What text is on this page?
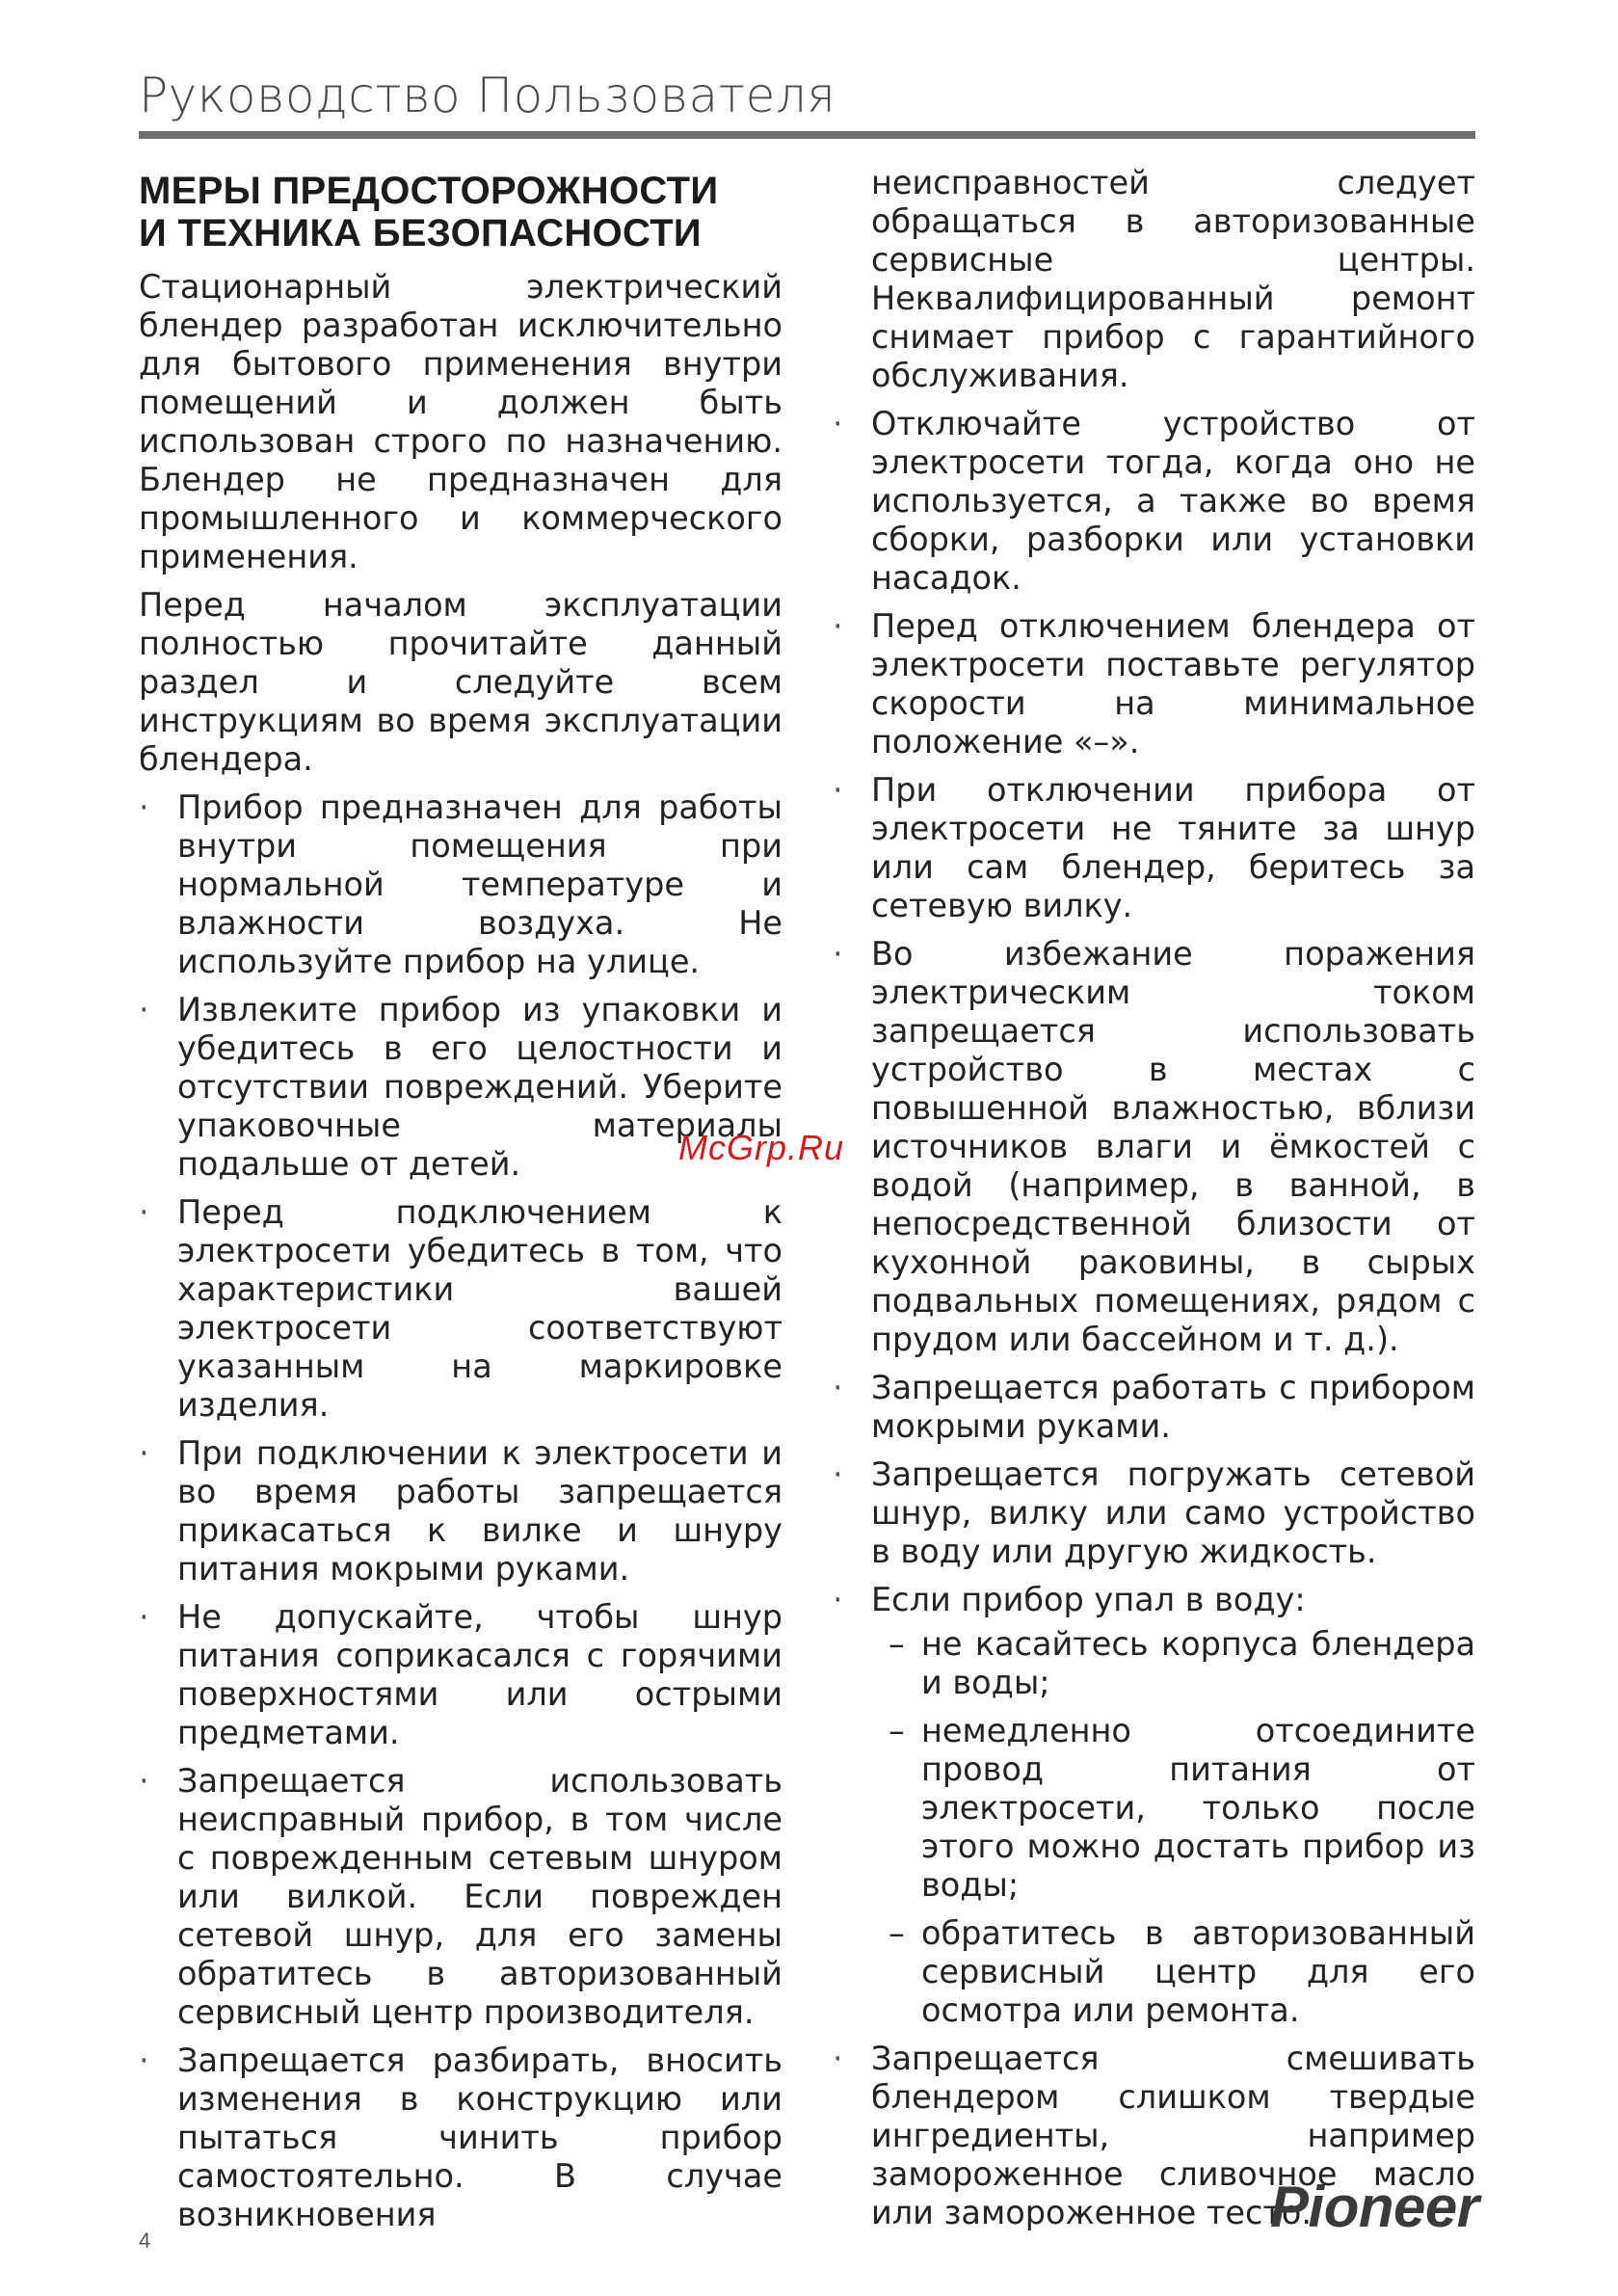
Руководство Пользователя
МЕРЫ ПРЕДОСТОРОЖНОСТИ
И ТЕХНИКА БЕЗОПАСНОСТИ

Стационарный электрический блендер разработан исключительно для бытового применения внутри помещений и должен быть использован строго по назначению. Блендер не предназначен для промышленного и коммерческого применения.

Перед началом эксплуатации полностью прочитайте данный раздел и следуйте всем инструкциям во время эксплуатации блендера.

· Прибор предназначен для работы внутри помещения при нормальной температуре и влажности воздуха. Не используйте прибор на улице.
· Извлеките прибор из упаковки и убедитесь в его целостности и отсутствии повреждений. Уберите упаковочные материалы подальше от детей.
· Перед подключением к электросети убедитесь в том, что характеристики вашей электросети соответствуют указанным на маркировке изделия.
· При подключении к электросети и во время работы запрещается прикасаться к вилке и шнуру питания мокрыми руками.
· Не допускайте, чтобы шнур питания соприкасался с горячими поверхностями или острыми предметами.
· Запрещается использовать неисправный прибор, в том числе с поврежденным сетевым шнуром или вилкой. Если поврежден сетевой шнур, для его замены обратитесь в авторизованный сервисный центр производителя.
· Запрещается разбирать, вносить изменения в конструкцию или пытаться чинить прибор самостоятельно. В случае возникновения

неисправностей следует обращаться в авторизованные сервисные центры. Неквалифицированный ремонт снимает прибор с гарантийного обслуживания.

· Отключайте устройство от электросети тогда, когда оно не используется, а также во время сборки, разборки или установки насадок.
· Перед отключением блендера от электросети поставьте регулятор скорости на минимальное положение «–».
· При отключении прибора от электросети не тяните за шнур или сам блендер, беритесь за сетевую вилку.
· Во избежание поражения электрическим током запрещается использовать устройство в местах с повышенной влажностью, вблизи источников влаги и ёмкостей с водой (например, в ванной, в непосредственной близости от кухонной раковины, в сырых подвальных помещениях, рядом с прудом или бассейном и т. д.).
· Запрещается работать с прибором мокрыми руками.
· Запрещается погружать сетевой шнур, вилку или само устройство в воду или другую жидкость.
· Если прибор упал в воду:
– не касайтесь корпуса блендера и воды;
– немедленно отсоедините провод питания от электросети, только после этого можно достать прибор из воды;
– обратитесь в авторизованный сервисный центр для его осмотра или ремонта.
· Запрещается смешивать блендером слишком твердые ингредиенты, например замороженное сливочное масло или замороженное тесто.
McGrp.Ru
4
Pioneer
